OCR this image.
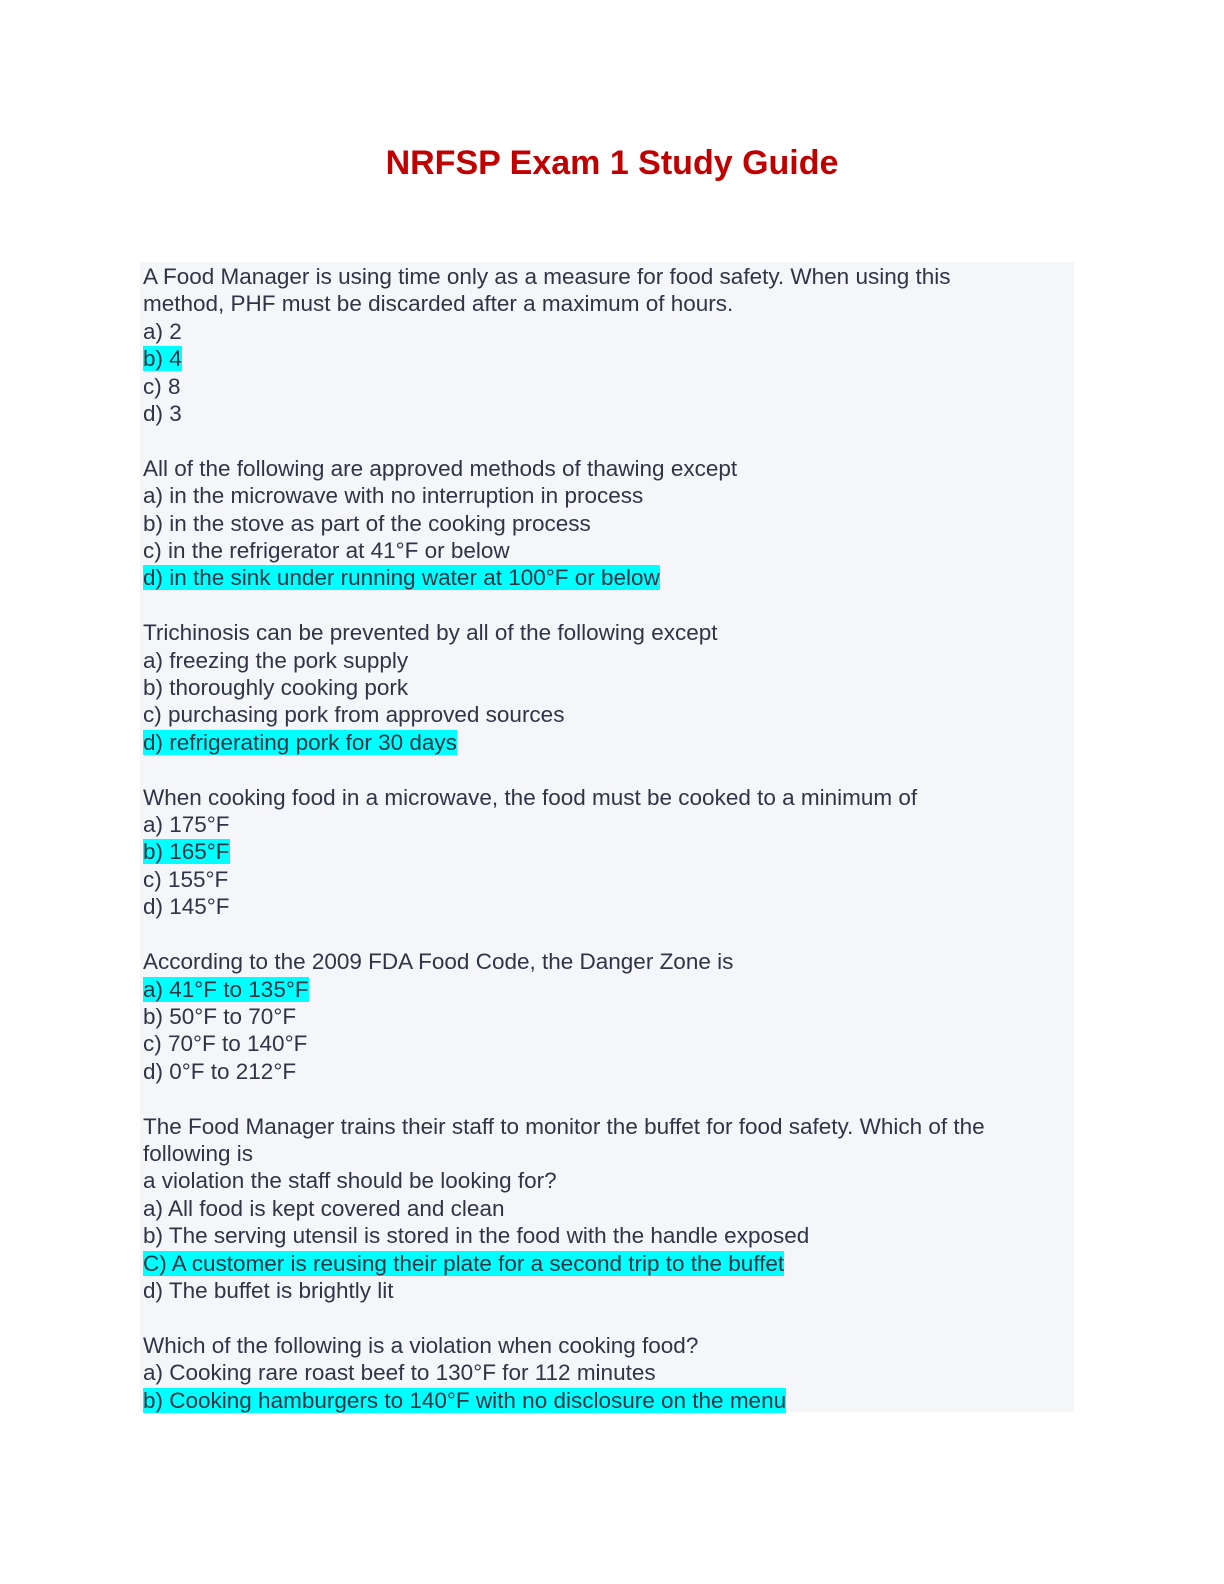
NRFSP Exam 1 Study Guide
A Food Manager is using time only as a measure for food safety. When using this
method, PHF must be discarded after a maximum of hours.
a) 2
b) 4
c) 8
d) 3
All of the following are approved methods of thawing except
a) in the microwave with no interruption in process
b) in the stove as part of the cooking process
c) in the refrigerator at 41°F or below
d) in the sink under running water at 100°F or below
Trichinosis can be prevented by all of the following except
a) freezing the pork supply
b) thoroughly cooking pork
c) purchasing pork from approved sources
d) refrigerating pork for 30 days
When cooking food in a microwave, the food must be cooked to a minimum of
a) 175°F
b) 165°F
c) 155°F
d) 145°F
According to the 2009 FDA Food Code, the Danger Zone is
a) 41°F to 135°F
b) 50°F to 70°F
c) 70°F to 140°F
d) 0°F to 212°F
The Food Manager trains their staff to monitor the buffet for food safety. Which of the
following is
a violation the staff should be looking for?
a) All food is kept covered and clean
b) The serving utensil is stored in the food with the handle exposed
C) A customer is reusing their plate for a second trip to the buffet
d) The buffet is brightly lit
Which of the following is a violation when cooking food?
a) Cooking rare roast beef to 130°F for 112 minutes
b) Cooking hamburgers to 140°F with no disclosure on the menu
